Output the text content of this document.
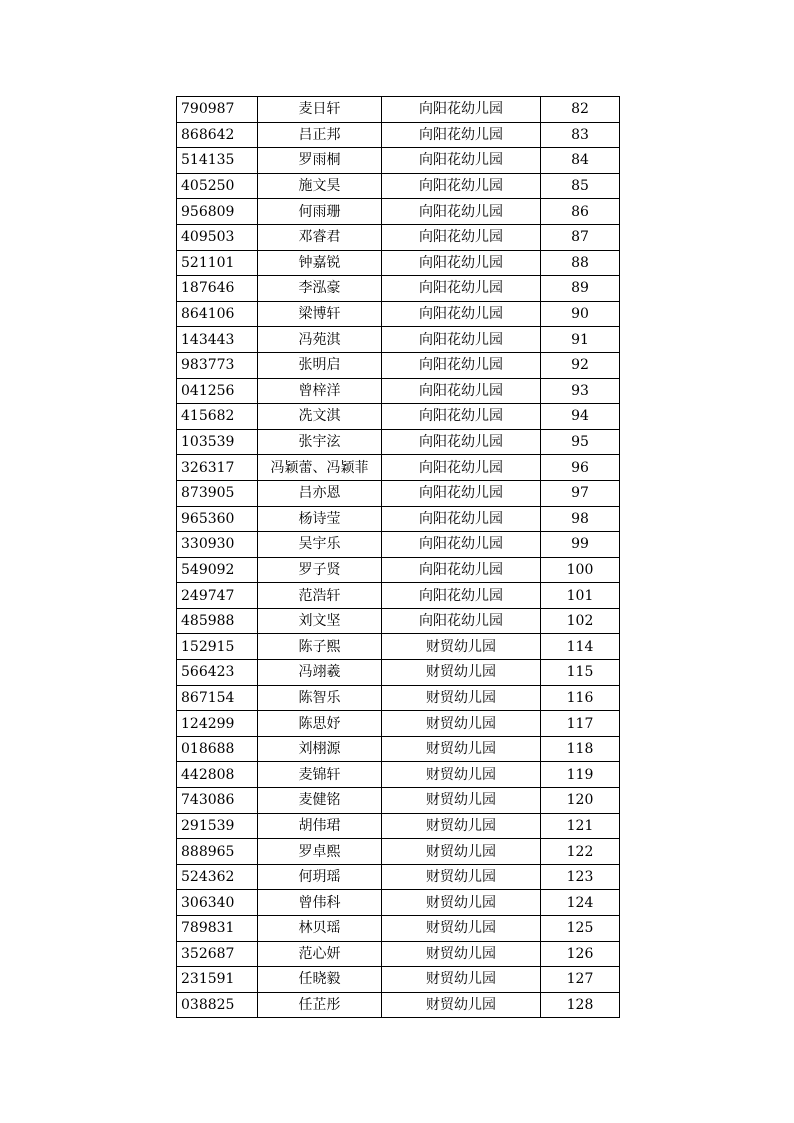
790987	麦日轩	向阳花幼儿园	82
868642	吕正邦	向阳花幼儿园	83
514135	罗雨桐	向阳花幼儿园	84
405250	施文昊	向阳花幼儿园	85
956809	何雨珊	向阳花幼儿园	86
409503	邓睿君	向阳花幼儿园	87
521101	钟嘉锐	向阳花幼儿园	88
187646	李泓豪	向阳花幼儿园	89
864106	梁博轩	向阳花幼儿园	90
143443	冯苑淇	向阳花幼儿园	91
983773	张明启	向阳花幼儿园	92
041256	曾梓洋	向阳花幼儿园	93
415682	冼文淇	向阳花幼儿园	94
103539	张宇泫	向阳花幼儿园	95
326317	冯颖蕾、冯颖菲	向阳花幼儿园	96
873905	吕亦恩	向阳花幼儿园	97
965360	杨诗莹	向阳花幼儿园	98
330930	吴宇乐	向阳花幼儿园	99
549092	罗子贤	向阳花幼儿园	100
249747	范浩轩	向阳花幼儿园	101
485988	刘文坚	向阳花幼儿园	102
152915	陈子熙	财贸幼儿园	114
566423	冯翊羲	财贸幼儿园	115
867154	陈智乐	财贸幼儿园	116
124299	陈思妤	财贸幼儿园	117
018688	刘栩源	财贸幼儿园	118
442808	麦锦轩	财贸幼儿园	119
743086	麦健铭	财贸幼儿园	120
291539	胡伟珺	财贸幼儿园	121
888965	罗卓熙	财贸幼儿园	122
524362	何玥瑶	财贸幼儿园	123
306340	曾伟科	财贸幼儿园	124
789831	林贝瑶	财贸幼儿园	125
352687	范心妍	财贸幼儿园	126
231591	任晓毅	财贸幼儿园	127
038825	任芷彤	财贸幼儿园	128
